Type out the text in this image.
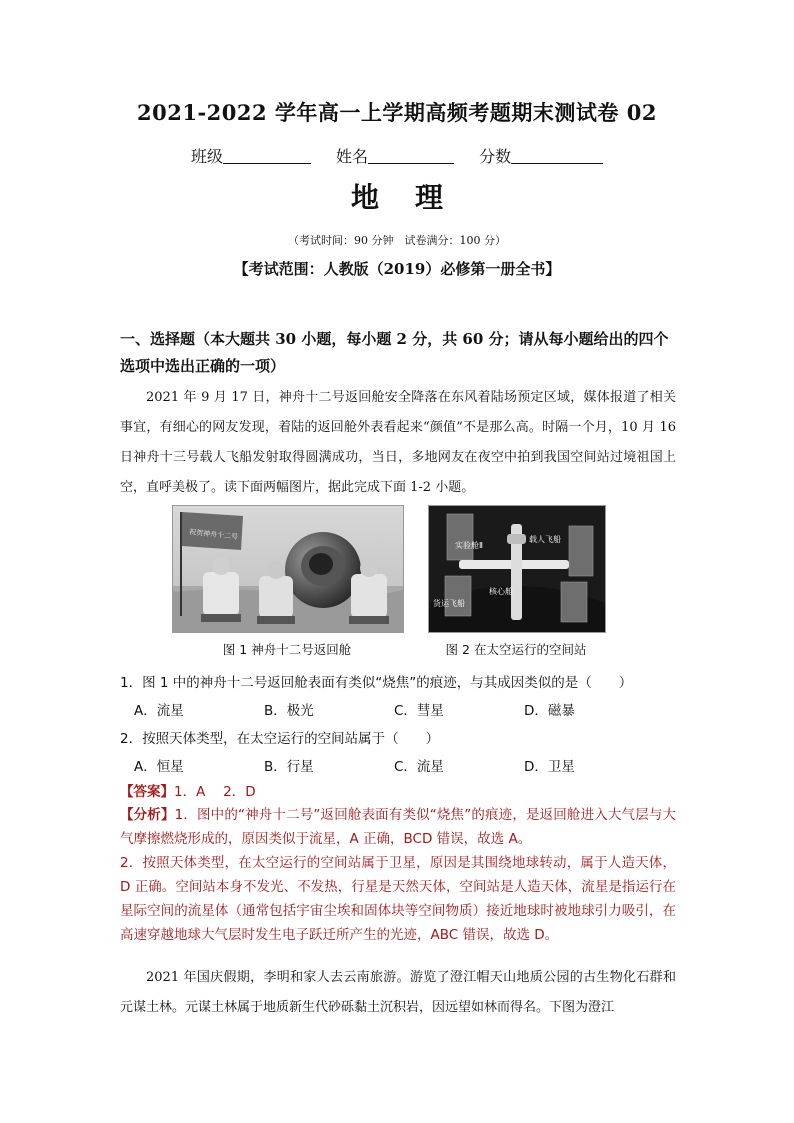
2021-2022 学年高一上学期高频考题期末测试卷 02
班级	姓名	分数
地理
（考试时间：90 分钟　试卷满分：100 分）
【考试范围：人教版（2019）必修第一册全书】
一、选择题（本大题共 30 小题，每小题 2 分，共 60 分；请从每小题给出的四个选项中选出正确的一项）
2021 年 9 月 17 日，神舟十二号返回舱安全降落在东风着陆场预定区域，媒体报道了相关事宜，有细心的网友发现，着陆的返回舱外表看起来“颜值”不是那么高。时隔一个月，10 月 16 日神舟十三号载人飞船发射取得圆满成功，当日，多地网友在夜空中拍到我国空间站过境祖国上空，直呼美极了。读下面两幅图片，据此完成下面 1-2 小题。
祝贺神舟十二号	载人飞船
实验舱Ⅱ
核心舱
货运飞船
图 1 神舟十二号返回舱	图 2 在太空运行的空间站
1．图 1 中的神舟十二号返回舱表面有类似“烧焦”的痕迹，与其成因类似的是（　　）
A．流星	B．极光	C．彗星	D．磁暴
2．按照天体类型，在太空运行的空间站属于（　　）
A．恒星	B．行星	C．流星	D．卫星
【答案】1．A　 2．D

【分析】1．图中的“神舟十二号”返回舱表面有类似“烧焦”的痕迹，是返回舱进入大气层与大气摩擦燃烧形成的，原因类似于流星，A 正确，BCD 错误，故选 A。

2．按照天体类型，在太空运行的空间站属于卫星，原因是其围绕地球转动，属于人造天体，D 正确。空间站本身不发光、不发热，行星是天然天体，空间站是人造天体，流星是指运行在星际空间的流星体（通常包括宇宙尘埃和固体块等空间物质）接近地球时被地球引力吸引，在高速穿越地球大气层时发生电子跃迁所产生的光迹，ABC 错误，故选 D。

2021 年国庆假期，李明和家人去云南旅游。游览了澄江帽天山地质公园的古生物化石群和元谋土林。元谋土林属于地质新生代砂砾黏土沉积岩，因远望如林而得名。下图为澄江
